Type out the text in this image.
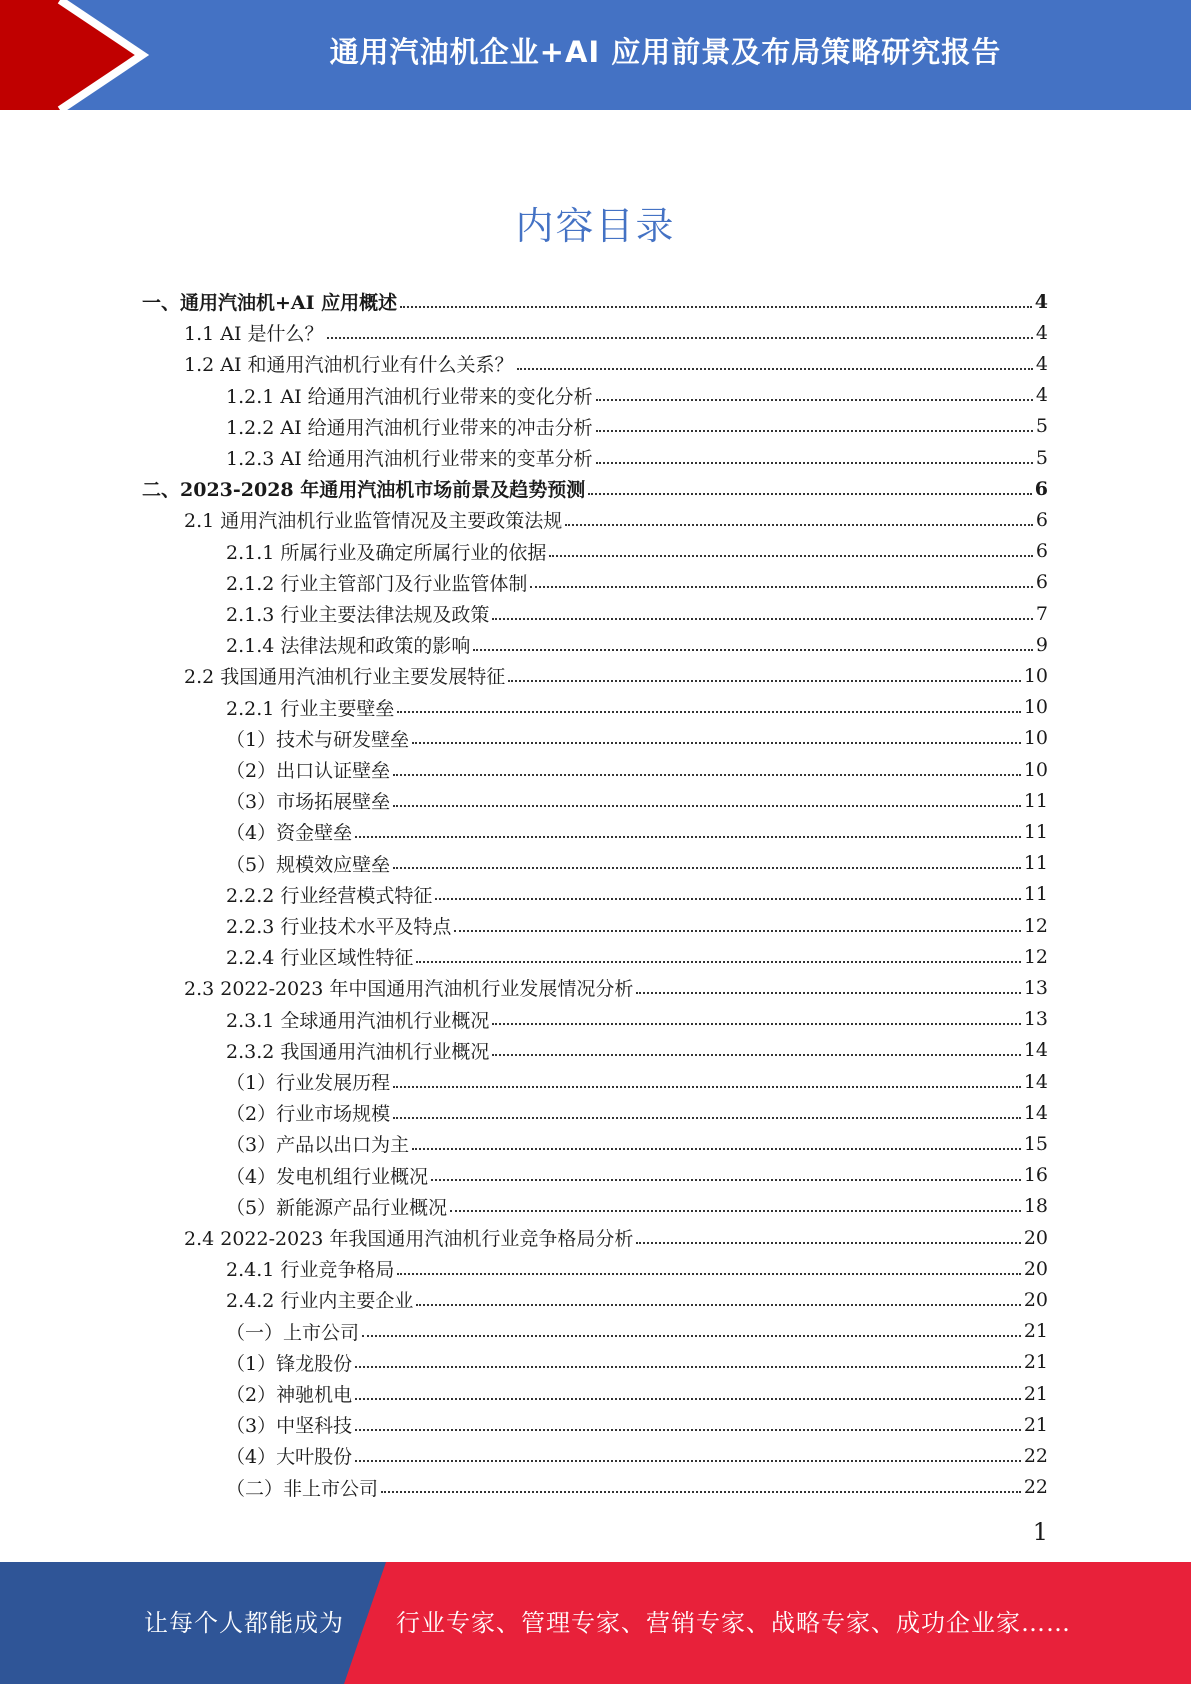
通用汽油机企业+AI 应用前景及布局策略研究报告
内容目录
一、通用汽油机+AI 应用概述	4
1.1 AI 是什么？	4
1.2 AI 和通用汽油机行业有什么关系？	4
1.2.1 AI 给通用汽油机行业带来的变化分析	4
1.2.2 AI 给通用汽油机行业带来的冲击分析	5
1.2.3 AI 给通用汽油机行业带来的变革分析	5
二、2023-2028 年通用汽油机市场前景及趋势预测	6
2.1 通用汽油机行业监管情况及主要政策法规	6
2.1.1 所属行业及确定所属行业的依据	6
2.1.2 行业主管部门及行业监管体制	6
2.1.3 行业主要法律法规及政策	7
2.1.4 法律法规和政策的影响	9
2.2 我国通用汽油机行业主要发展特征	10
2.2.1 行业主要壁垒	10
（1）技术与研发壁垒	10
（2）出口认证壁垒	10
（3）市场拓展壁垒	11
（4）资金壁垒	11
（5）规模效应壁垒	11
2.2.2 行业经营模式特征	11
2.2.3 行业技术水平及特点	12
2.2.4 行业区域性特征	12
2.3 2022-2023 年中国通用汽油机行业发展情况分析	13
2.3.1 全球通用汽油机行业概况	13
2.3.2 我国通用汽油机行业概况	14
（1）行业发展历程	14
（2）行业市场规模	14
（3）产品以出口为主	15
（4）发电机组行业概况	16
（5）新能源产品行业概况	18
2.4 2022-2023 年我国通用汽油机行业竞争格局分析	20
2.4.1 行业竞争格局	20
2.4.2 行业内主要企业	20
（一）上市公司	21
（1）锋龙股份	21
（2）神驰机电	21
（3）中坚科技	21
（4）大叶股份	22
（二）非上市公司	22
1
让每个人都能成为 行业专家、管理专家、营销专家、战略专家、成功企业家……
